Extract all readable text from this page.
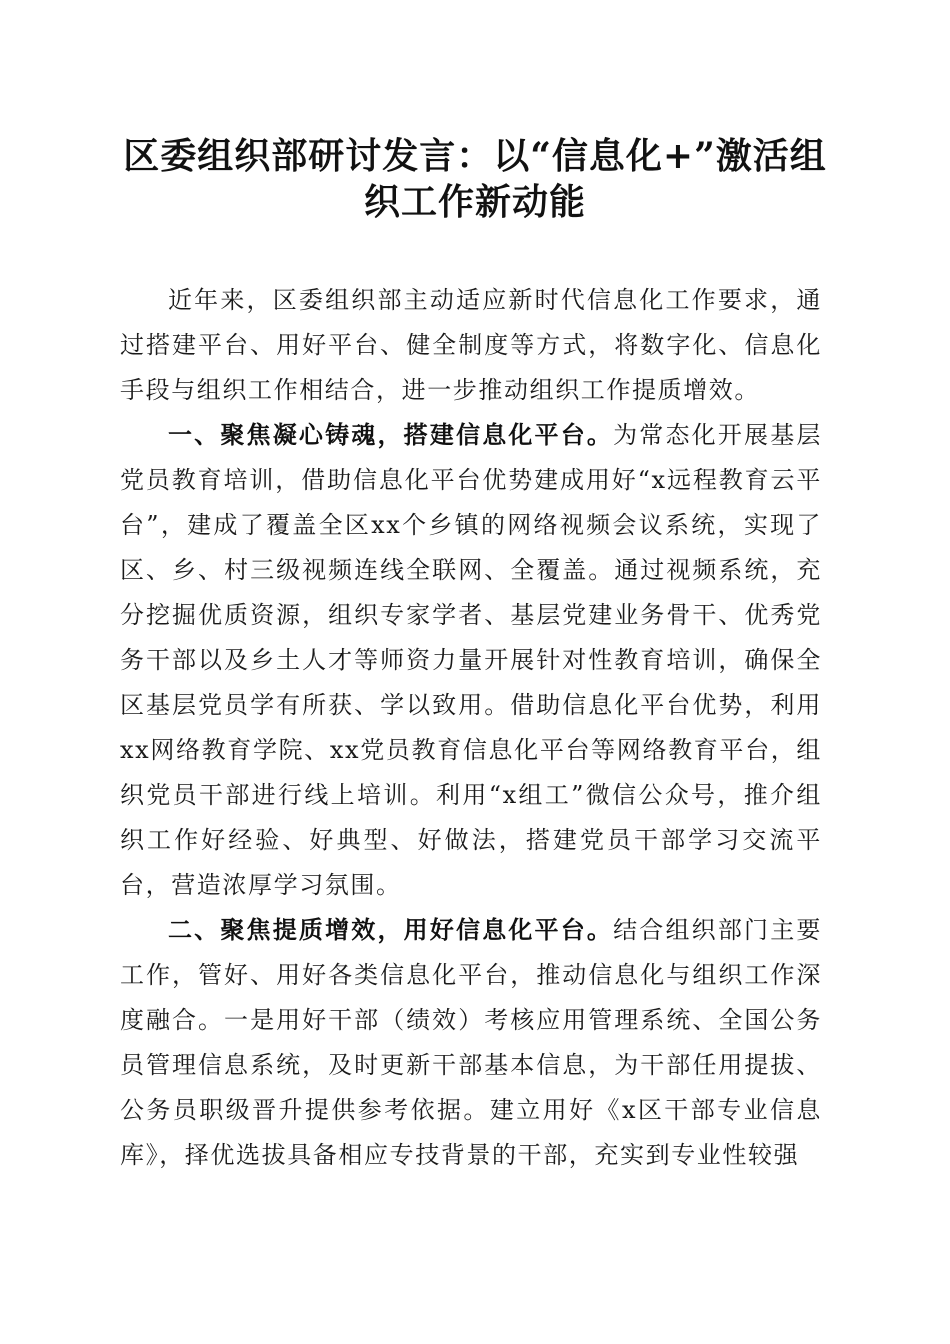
区委组织部研讨发言：以“信息化+”激活组织工作新动能

近年来，区委组织部主动适应新时代信息化工作要求，通过搭建平台、用好平台、健全制度等方式，将数字化、信息化手段与组织工作相结合，进一步推动组织工作提质增效。

一、聚焦凝心铸魂，搭建信息化平台。为常态化开展基层党员教育培训，借助信息化平台优势建成用好“x远程教育云平台”，建成了覆盖全区xx个乡镇的网络视频会议系统，实现了区、乡、村三级视频连线全联网、全覆盖。通过视频系统，充分挖掘优质资源，组织专家学者、基层党建业务骨干、优秀党务干部以及乡土人才等师资力量开展针对性教育培训，确保全区基层党员学有所获、学以致用。借助信息化平台优势，利用xx网络教育学院、xx党员教育信息化平台等网络教育平台，组织党员干部进行线上培训。利用“x组工”微信公众号，推介组织工作好经验、好典型、好做法，搭建党员干部学习交流平台，营造浓厚学习氛围。

二、聚焦提质增效，用好信息化平台。结合组织部门主要工作，管好、用好各类信息化平台，推动信息化与组织工作深度融合。一是用好干部（绩效）考核应用管理系统、全国公务员管理信息系统，及时更新干部基本信息，为干部任用提拔、公务员职级晋升提供参考依据。建立用好《x区干部专业信息库》，择优选拔具备相应专技背景的干部，充实到专业性较强
